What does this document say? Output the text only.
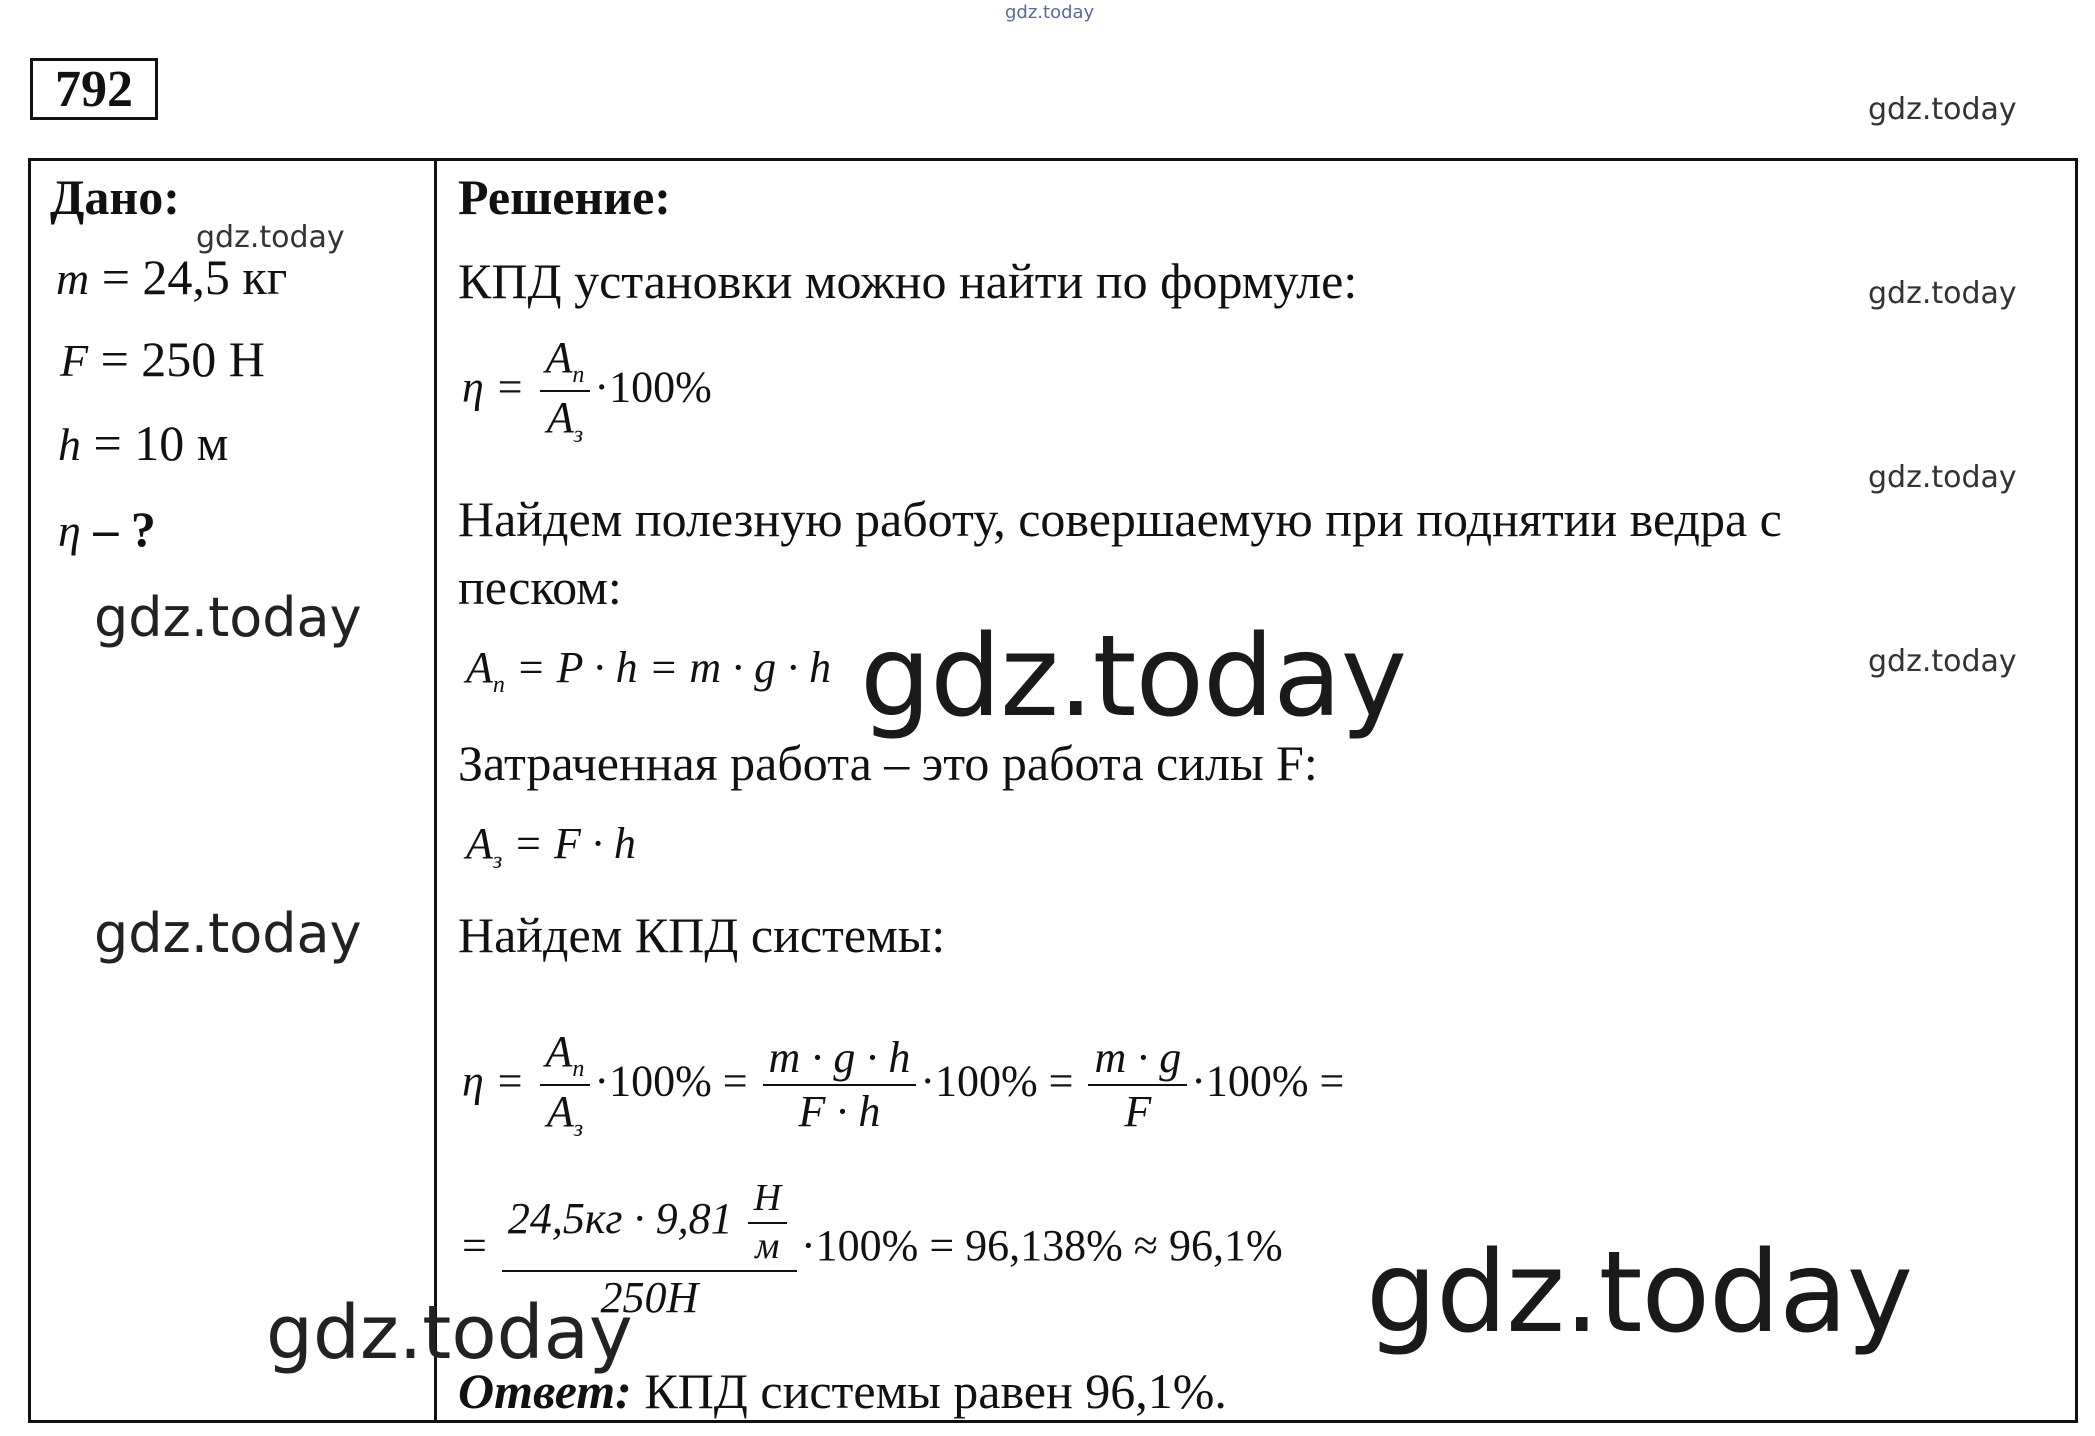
gdz.today
gdz.today
gdz.today
gdz.today
gdz.today
gdz.today
gdz.today
gdz.today
792
Дано:
m = 24,5 кг
F = 250 Н
h = 10 м
η – ?
Решение:
КПД установки можно найти по формуле:
$\eta = \frac{A_п}{A_з} \cdot 100\%$
Найдем полезную работу, совершаемую при поднятии ведра с
песком:
$A_п = P \cdot h = m \cdot g \cdot h$
Затраченная работа – это работа силы F:
$A_з = F \cdot h$
Найдем КПД системы:
$\eta = \frac{A_п}{A_з} \cdot 100\% = \frac{m \cdot g \cdot h}{F \cdot h} \cdot 100\% = \frac{m \cdot g}{F} \cdot 100\%$ =
= $\frac{24,5кг \cdot 9,81 \frac{Н}{м}}{250Н} \cdot 100\% = 96,138\% \approx 96,1\%$
Ответ: КПД системы равен 96,1%.
gdz.today
gdz.today
gdz.today
